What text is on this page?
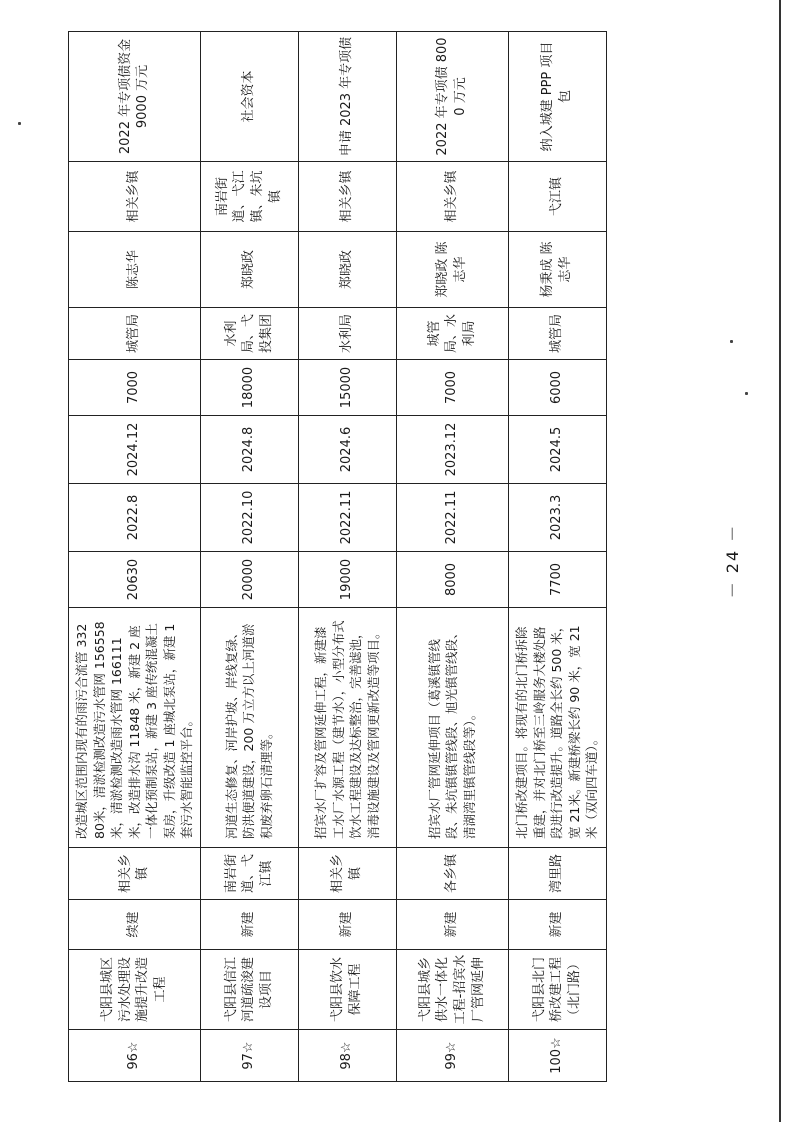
96☆	弋阳县城区污水处理设施提升改造工程	续建	相关乡镇	改造城区范围内现有的雨污合流管 33280米，清淤检测改造污水管网 156558 米，清淤检测改造雨水管网 166111 米，改造排水沟 11848 米，新建 2 座一体化预制泵站，新建 3 座传统混凝土泵房，升级改造 1 座城北泵站，新建 1 套污水智能监控平台。	20630	2022.8	2024.12	7000	城管局	陈志华	相关乡镇	2022 年专项债资金 9000 万元
97☆	弋阳县信江河道疏浚建设项目	新建	南岩街道、弋江镇	河道生态修复、河岸护坡、岸线复绿、防洪便道建设，200 万立方以上河道淤积废弃卵石清理等。	20000	2022.10	2024.8	18000	水利局、弋投集团	郑晓政	南岩街道、弋江镇、朱坑镇	社会资本
98☆	弋阳县饮水保障工程	新建	相关乡镇	招宾水厂扩容及管网延伸工程，新建漆工水厂水源工程（建节水），小型分布式饮水工程建设及达标整治，完善滤池，消毒设施建设及管网更新改造等项目。	19000	2022.11	2024.6	15000	水利局	郑晓政	相关乡镇	申请 2023 年专项债
99☆	弋阳县城乡供水一体化工程-招宾水厂管网延伸	新建	各乡镇	招宾水厂管网延伸项目（葛溪镇管线段、朱坑镇镇管线段、旭光镇管线段、清湖湾里镇管线段等）。	8000	2022.11	2023.12	7000	城管局、水利局	郑晓政 陈志华	相关乡镇	2022 年专项债 8000 万元
100☆	弋阳县北门桥改建工程（北门路）	新建	湾里路	北门桥改建项目。将现有的北门桥拆除重建，并对北门桥至三岭服务大楼处路段进行改造提升。道路全长约 500 米，宽 21米。新建桥梁长约 90 米，宽 21 米（双向四车道）。	7700	2023.3	2024.5	6000	城管局	杨秉成 陈志华	弋江镇	纳入城建 PPP 项目包
－ 24 －
